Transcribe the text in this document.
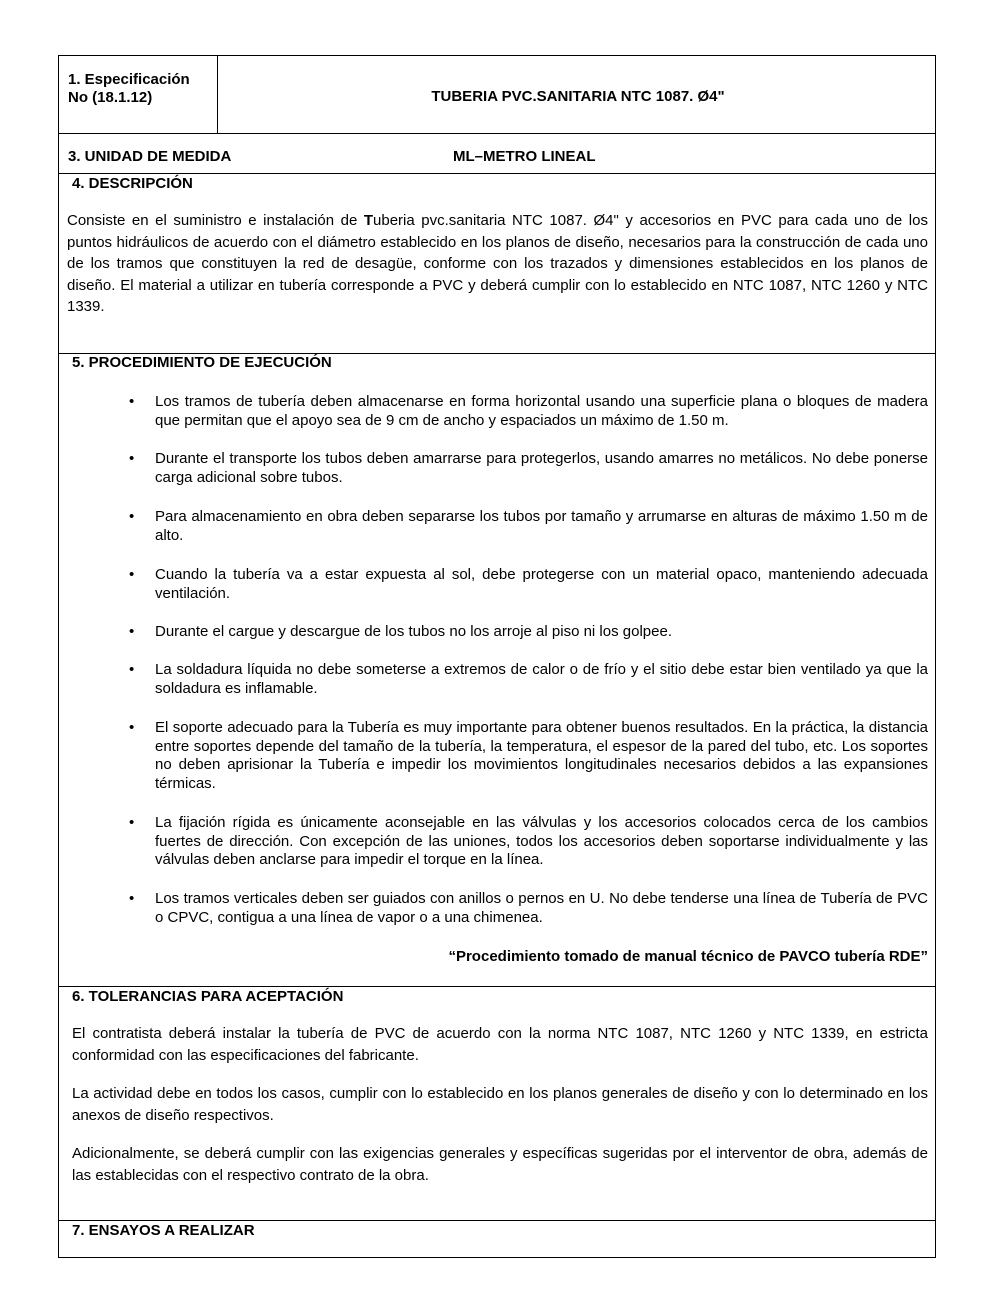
1. Especificación
No (18.1.12)	TUBERIA PVC.SANITARIA NTC 1087. Ø4"
3. UNIDAD DE MEDIDA	ML–METRO LINEAL
4. DESCRIPCIÓN
Consiste en el suministro e instalación de Tuberia pvc.sanitaria NTC 1087. Ø4" y accesorios en PVC para cada uno de los puntos hidráulicos de acuerdo con el diámetro establecido en los planos de diseño, necesarios para la construcción de cada uno de los tramos que constituyen la red de desagüe, conforme con los trazados y dimensiones establecidos en los planos de diseño. El material a utilizar en tubería corresponde a PVC y deberá cumplir con lo establecido en NTC 1087, NTC 1260 y NTC 1339.
5. PROCEDIMIENTO DE EJECUCIÓN
• Los tramos de tubería deben almacenarse en forma horizontal usando una superficie plana o bloques de madera que permitan que el apoyo sea de 9 cm de ancho y espaciados un máximo de 1.50 m.
• Durante el transporte los tubos deben amarrarse para protegerlos, usando amarres no metálicos. No debe ponerse carga adicional sobre tubos.
• Para almacenamiento en obra deben separarse los tubos por tamaño y arrumarse en alturas de máximo 1.50 m de alto.
• Cuando la tubería va a estar expuesta al sol, debe protegerse con un material opaco, manteniendo adecuada ventilación.
• Durante el cargue y descargue de los tubos no los arroje al piso ni los golpee.
• La soldadura líquida no debe someterse a extremos de calor o de frío y el sitio debe estar bien ventilado ya que la soldadura es inflamable.
• El soporte adecuado para la Tubería es muy importante para obtener buenos resultados. En la práctica, la distancia entre soportes depende del tamaño de la tubería, la temperatura, el espesor de la pared del tubo, etc. Los soportes no deben aprisionar la Tubería e impedir los movimientos longitudinales necesarios debidos a las expansiones térmicas.
• La fijación rígida es únicamente aconsejable en las válvulas y los accesorios colocados cerca de los cambios fuertes de dirección. Con excepción de las uniones, todos los accesorios deben soportarse individualmente y las válvulas deben anclarse para impedir el torque en la línea.
• Los tramos verticales deben ser guiados con anillos o pernos en U. No debe tenderse una línea de Tubería de PVC o CPVC, contigua a una línea de vapor o a una chimenea.
“Procedimiento tomado de manual técnico de PAVCO tubería RDE”
6. TOLERANCIAS PARA ACEPTACIÓN
El contratista deberá instalar la tubería de PVC de acuerdo con la norma NTC 1087, NTC 1260 y NTC 1339, en estricta conformidad con las especificaciones del fabricante.
La actividad debe en todos los casos, cumplir con lo establecido en los planos generales de diseño y con lo determinado en los anexos de diseño respectivos.
Adicionalmente, se deberá cumplir con las exigencias generales y específicas sugeridas por el interventor de obra, además de las establecidas con el respectivo contrato de la obra.
7. ENSAYOS A REALIZAR
